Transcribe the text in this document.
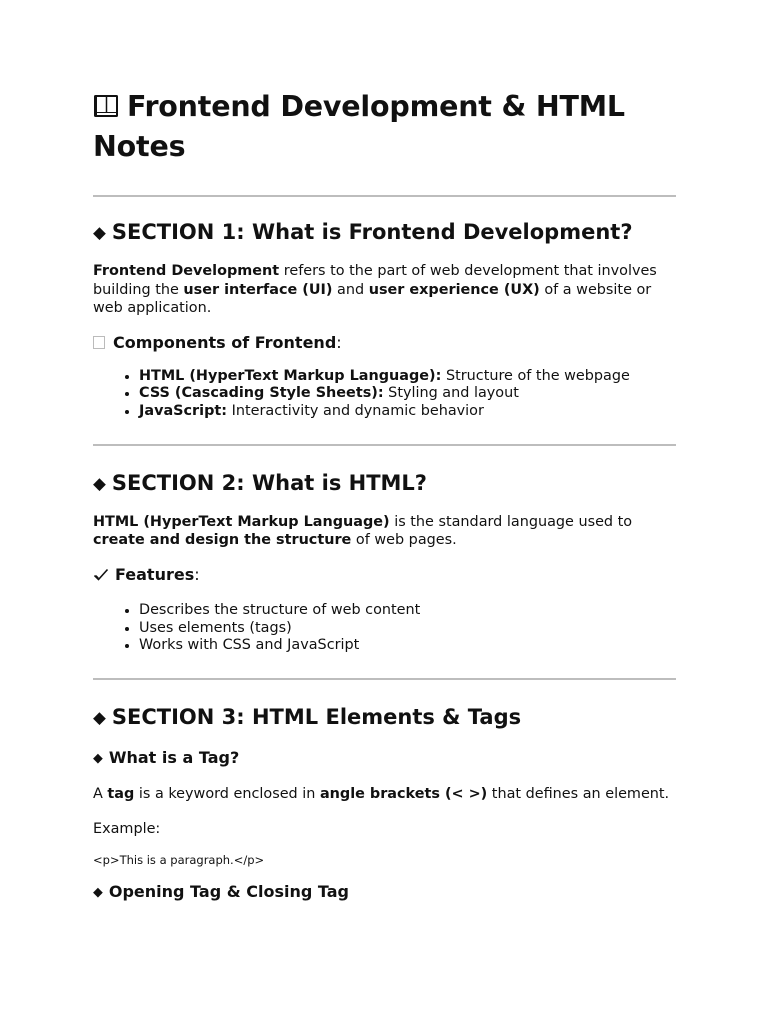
Frontend Development & HTML Notes
◆ SECTION 1: What is Frontend Development?

Frontend Development refers to the part of web development that involves building the user interface (UI) and user experience (UX) of a website or web application.

Components of Frontend:
• HTML (HyperText Markup Language): Structure of the webpage
• CSS (Cascading Style Sheets): Styling and layout
• JavaScript: Interactivity and dynamic behavior
◆ SECTION 2: What is HTML?

HTML (HyperText Markup Language) is the standard language used to create and design the structure of web pages.

Features:
• Describes the structure of web content
• Uses elements (tags)
• Works with CSS and JavaScript
◆ SECTION 3: HTML Elements & Tags
◆ What is a Tag?

A tag is a keyword enclosed in angle brackets (< >) that defines an element.

Example:

<p>This is a paragraph.</p>

◆ Opening Tag & Closing Tag
